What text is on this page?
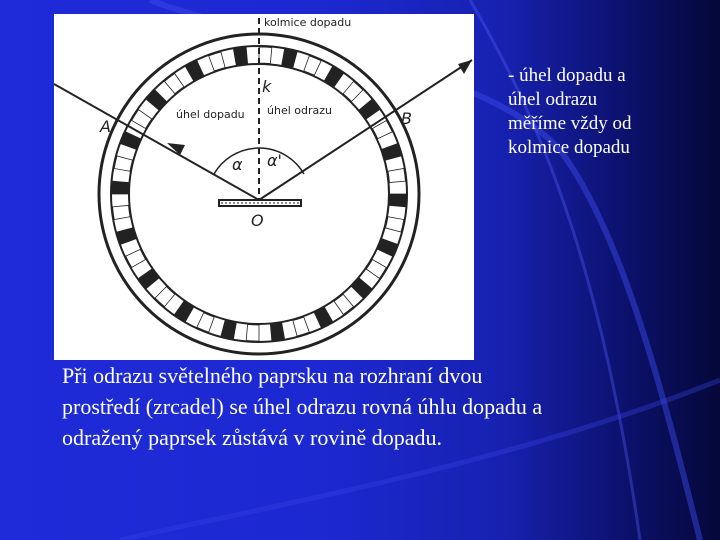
kolmice dopadu
k
A	B
O
úhel dopadu úhel odrazu
α α'
- úhel dopadu a
úhel odrazu
měříme vždy od
kolmice dopadu
Při odrazu světelného paprsku na rozhraní dvou
prostředí (zrcadel) se úhel odrazu rovná úhlu dopadu a
odražený paprsek zůstává v rovině dopadu.
